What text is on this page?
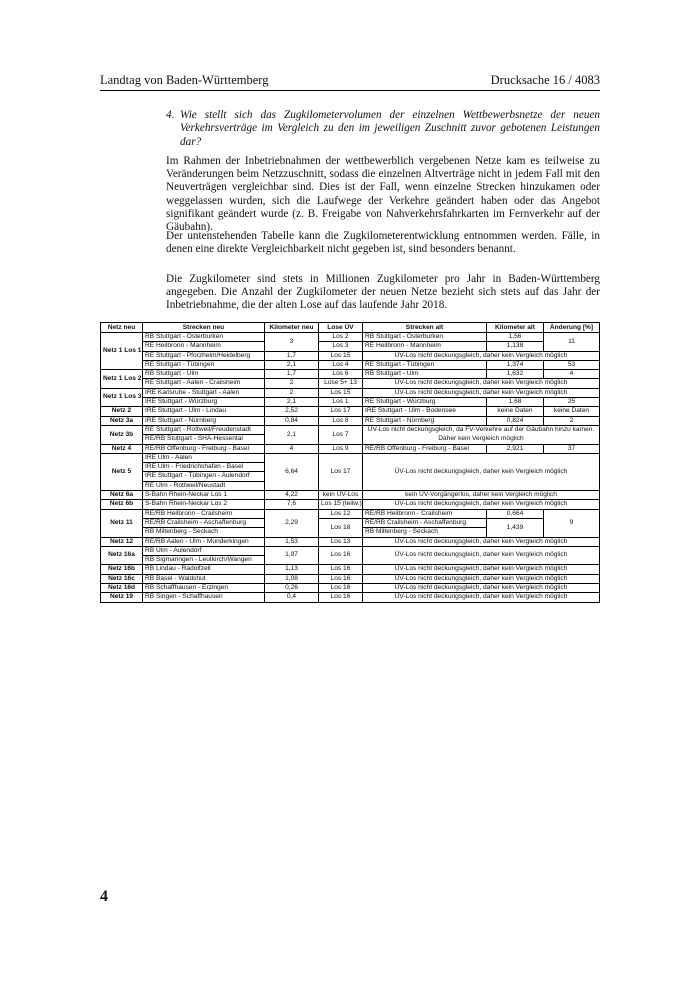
Landtag von Baden-Württemberg	Drucksache 16 / 4083
4. Wie stellt sich das Zugkilometervolumen der einzelnen Wettbewerbsnetze der neuen Verkehrsverträge im Vergleich zu den im jeweiligen Zuschnitt zuvor gebotenen Leistungen dar?
Im Rahmen der Inbetriebnahmen der wettbewerblich vergebenen Netze kam es teilweise zu Veränderungen beim Netzzuschnitt, sodass die einzelnen Altverträge nicht in jedem Fall mit den Neuverträgen vergleichbar sind. Dies ist der Fall, wenn einzelne Strecken hinzukamen oder weggelassen wurden, sich die Laufwege der Verkehre geändert haben oder das Angebot signifikant geändert wurde (z. B. Freigabe von Nahverkehrsfahrkarten im Fernverkehr auf der Gäubahn).
Der untenstehenden Tabelle kann die Zugkilometerentwicklung entnommen werden. Fälle, in denen eine direkte Vergleichbarkeit nicht gegeben ist, sind besonders benannt.
Die Zugkilometer sind stets in Millionen Zugkilometer pro Jahr in Baden-Württemberg angegeben. Die Anzahl der Zugkilometer der neuen Netze bezieht sich stets auf das Jahr der Inbetriebnahme, die der alten Lose auf das laufende Jahr 2018.
Netz neu	Strecken neu	Kilometer neu	Lose ÜV	Strecken alt	Kilometer alt	Änderung [%]
Netz 1 Los 1	RB Stuttgart - Osterburken	3	Los 2	RB Stuttgart - Osterburken	1,56	11
	RE Heilbronn - Mannheim		Los 3	RE Heilbronn - Mannheim	1,138	
	RE Stuttgart - Pforzheim/Heidelberg	1,7	Los 15	ÜV-Los nicht deckungsgleich, daher kein Vergleich möglich		
	RE Stuttgart - Tübingen	2,1	Los 4	RE Stuttgart - Tübingen	1,374	53
Netz 1 Los 2	RB Stuttgart - Ulm	1,7	Los 6	RB Stuttgart - Ulm	1,632	4
	RE Stuttgart - Aalen - Crailsheim	2	Lose 5+ 13	ÜV-Los nicht deckungsgleich, daher kein Vergleich möglich		
Netz 1 Los 3	IRE Karlsruhe - Stuttgart - Aalen	2	Los 15	ÜV-Los nicht deckungsgleich, daher kein Vergleich möglich		
	IRE Stuttgart - Würzburg	2,1	Los 1	RE Stuttgart - Würzburg	1,68	25
Netz 2	IRE Stuttgart - Ulm - Lindau	2,52	Los 17	IRE Stuttgart - Ulm - Bodensee	keine Daten	keine Daten
Netz 3a	IRE Stuttgart - Nürnberg	0,84	Los 8	RE Stuttgart - Nürnberg	0,824	2
Netz 3b	RE Stuttgart - Rottweil/Freudenstadt	2,1	Los 7	ÜV-Los nicht deckungsgleich, da FV-Verkehre auf der Gäubahn hinzu kamen. Daher kein Vergleich möglich		
	RE/RB Stuttgart - SHA-Hessental					
Netz 4	RE/RB Offenburg - Freiburg - Basel	4	Los 9	RE/RB Offenburg - Freiburg - Basel	2,921	37
Netz 5	IRE Ulm - Aalen	6,64	Los 17	ÜV-Los nicht deckungsgleich, daher kein Vergleich möglich		
	IRE Ulm - Friedrichshafen - Basel					
	IRE Stuttgart - Tübingen - Aulendorf					
	RE Ulm - Rottweil/Neustadt					
Netz 6a	S-Bahn Rhein-Neckar Los 1	4,22	kein ÜV-Los	kein ÜV-Vorgängerlos, daher kein Vergleich möglich		
Netz 6b	S-Bahn Rhein-Neckar Los 2	7,6	Los 15 (teilw.)	ÜV-Los nicht deckungsgleich, daher kein Vergleich möglich		
Netz 11	RE/RB Heilbronn - Crailsheim	2,29	Los 12	RE/RB Heilbronn - Crailsheim	0,664	9
	RE/RB Crailsheim - Aschaffenburg		Los 18	RE/RB Crailsheim - Aschaffenburg	1,439	
	RB Miltenberg - Seckach			RB Miltenberg - Seckach		
Netz 12	RE/RB Aalen - Ulm - Munderkingen	1,53	Los 13	ÜV-Los nicht deckungsgleich, daher kein Vergleich möglich		
Netz 16a	RB Ulm - Aulendorf	1,97	Los 16	ÜV-Los nicht deckungsgleich, daher kein Vergleich möglich		
	RB Sigmaringen - Leutkirch/Wangen					
Netz 16b	RB Lindau - Radolfzell	1,13	Los 16	ÜV-Los nicht deckungsgleich, daher kein Vergleich möglich		
Netz 16c	RB Basel - Waldshut	1,08	Los 16	ÜV-Los nicht deckungsgleich, daher kein Vergleich möglich		
Netz 16d	RB Schaffhausen - Erzingen	0,26	Los 16	ÜV-Los nicht deckungsgleich, daher kein Vergleich möglich		
Netz 19	RB Singen - Schaffhausen	0,4	Los 16	ÜV-Los nicht deckungsgleich, daher kein Vergleich möglich		
4
